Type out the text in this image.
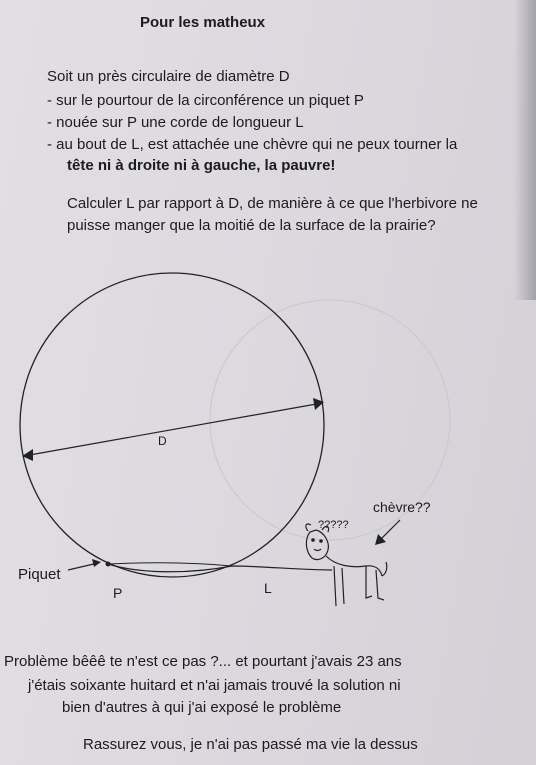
Pour les matheux
Soit un près circulaire de diamètre D
- sur le pourtour de la circonférence un piquet P
- nouée sur P une corde de longueur L
- au bout de L, est attachée une chèvre qui ne peux tourner la
tête ni à droite ni à gauche, la pauvre!
Calculer L par rapport à D, de manière à ce que l'herbivore ne
puisse manger que la moitié de la surface de la prairie?
D
Piquet
P	L
chèvre??
?????
Problème bêêê te n'est ce pas ?... et pourtant j'avais 23 ans
j'étais soixante huitard et n'ai jamais trouvé la solution ni
bien d'autres à qui j'ai exposé le problème
Rassurez vous, je n'ai pas passé ma vie la dessus
